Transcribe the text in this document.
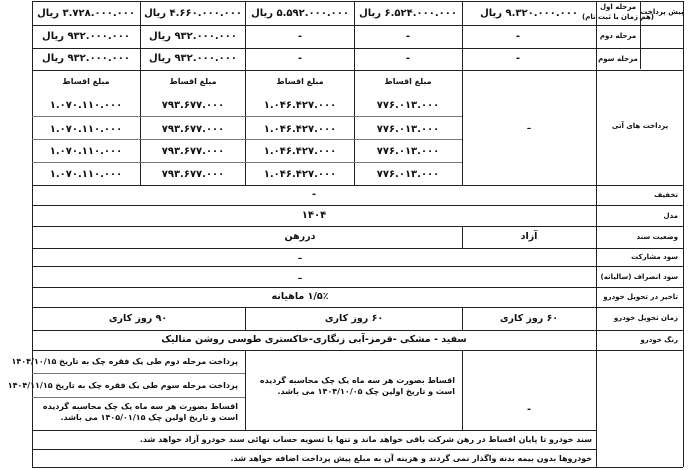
پیش پرداخت
مرحله اول
(هم زمان با ثبت نام)
مرحله دوم
مرحله سوم
۹.۳۲۰.۰۰۰.۰۰۰ ریال
۶.۵۲۴.۰۰۰.۰۰۰ ریال
۵.۵۹۲.۰۰۰.۰۰۰ ریال
۴.۶۶۰.۰۰۰.۰۰۰ ریال
۳.۷۲۸.۰۰۰.۰۰۰ ریال
-
-
-
۹۳۲.۰۰۰.۰۰۰ ریال
۹۳۲.۰۰۰.۰۰۰ ریال
-
-
-
۹۳۲.۰۰۰.۰۰۰ ریال
۹۳۲.۰۰۰.۰۰۰ ریال
پرداخت های آتی
ـ
مبلغ اقساط
مبلغ اقساط
مبلغ اقساط
مبلغ اقساط
۷۷۶.۰۱۳.۰۰۰
۷۷۶.۰۱۳.۰۰۰
۷۷۶.۰۱۳.۰۰۰
۷۷۶.۰۱۳.۰۰۰
۱.۰۴۶.۴۲۷.۰۰۰
۱.۰۴۶.۴۲۷.۰۰۰
۱.۰۴۶.۴۲۷.۰۰۰
۱.۰۴۶.۴۲۷.۰۰۰
۷۹۳.۶۷۷.۰۰۰
۷۹۳.۶۷۷.۰۰۰
۷۹۳.۶۷۷.۰۰۰
۷۹۳.۶۷۷.۰۰۰
۱.۰۷۰.۱۱۰.۰۰۰
۱.۰۷۰.۱۱۰.۰۰۰
۱.۰۷۰.۱۱۰.۰۰۰
۱.۰۷۰.۱۱۰.۰۰۰
تخفیف
-
مدل
۱۴۰۴
وضعیت سند
آزاد
دررهن
سود مشارکت
ـ
سود انصراف (سالیانه)
ـ
تاخیر در تحویل خودرو
۱/۵٪ ماهیانه
زمان تحویل خودرو
۶۰ روز کاری
۶۰ روز کاری
۹۰ روز کاری
رنگ خودرو
سفید - مشکی -قرمز-آبی زنگاری-خاکستری طوسی روشن متالیک
-
اقساط بصورت هر سه ماه یک چک محاسبه گردیده است و تاریخ اولین چک ۱۴۰۴/۱۰/۰۵ می باشد.
پرداخت مرحله دوم طی یک فقره چک به تاریخ ۱۴۰۴/۱۰/۱۵
پرداخت مرحله سوم طی یک فقره چک به تاریخ ۱۴۰۴/۱۱/۱۵
اقساط بصورت هر سه ماه یک چک محاسبه گردیده است و تاریخ اولین چک ۱۴۰۵/۰۱/۱۵ می باشد.
سند خودرو تا پایان اقساط در رهن شرکت باقی خواهد ماند و تنها با تسویه حساب نهائی سند خودرو آزاد خواهد شد.
خودروها بدون بیمه بدنه واگذار نمی گردند و هزینه آن به مبلغ پیش پرداخت اضافه خواهد شد.
